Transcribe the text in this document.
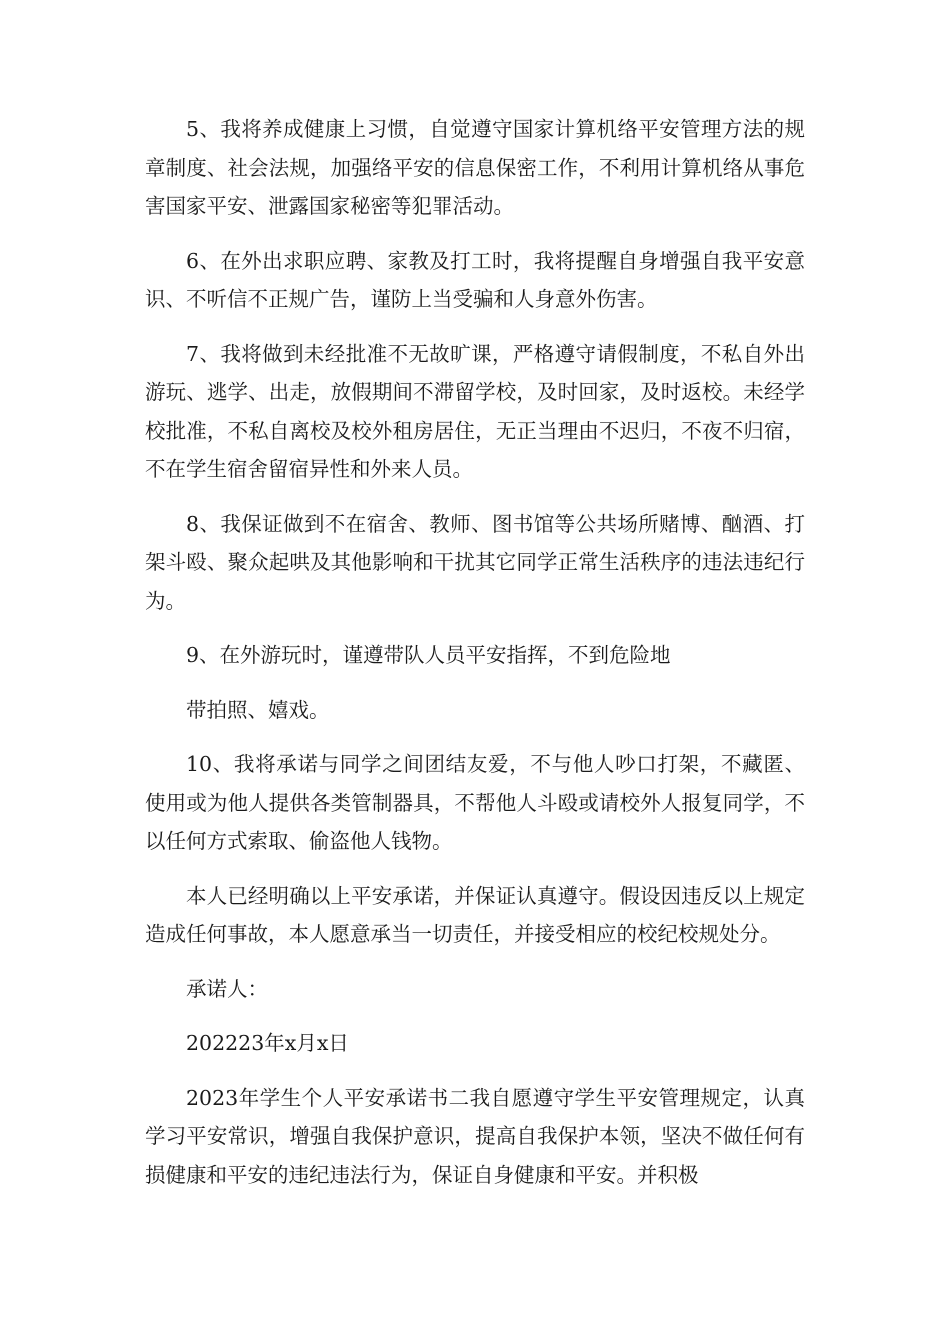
5、我将养成健康上习惯，自觉遵守国家计算机络平安管理方法的规章制度、社会法规，加强络平安的信息保密工作，不利用计算机络从事危害国家平安、泄露国家秘密等犯罪活动。

6、在外出求职应聘、家教及打工时，我将提醒自身增强自我平安意识、不听信不正规广告，谨防上当受骗和人身意外伤害。

7、我将做到未经批准不无故旷课，严格遵守请假制度，不私自外出游玩、逃学、出走，放假期间不滞留学校，及时回家，及时返校。未经学校批准，不私自离校及校外租房居住，无正当理由不迟归，不夜不归宿，不在学生宿舍留宿异性和外来人员。

8、我保证做到不在宿舍、教师、图书馆等公共场所赌博、酗酒、打架斗殴、聚众起哄及其他影响和干扰其它同学正常生活秩序的违法违纪行为。

9、在外游玩时，谨遵带队人员平安指挥，不到危险地

带拍照、嬉戏。

10、我将承诺与同学之间团结友爱，不与他人吵口打架，不藏匿、使用或为他人提供各类管制器具，不帮他人斗殴或请校外人报复同学，不以任何方式索取、偷盗他人钱物。

本人已经明确以上平安承诺，并保证认真遵守。假设因违反以上规定造成任何事故，本人愿意承当一切责任，并接受相应的校纪校规处分。

承诺人：

202223年x月x日

2023年学生个人平安承诺书二我自愿遵守学生平安管理规定，认真学习平安常识，增强自我保护意识，提高自我保护本领，坚决不做任何有损健康和平安的违纪违法行为，保证自身健康和平安。并积极
